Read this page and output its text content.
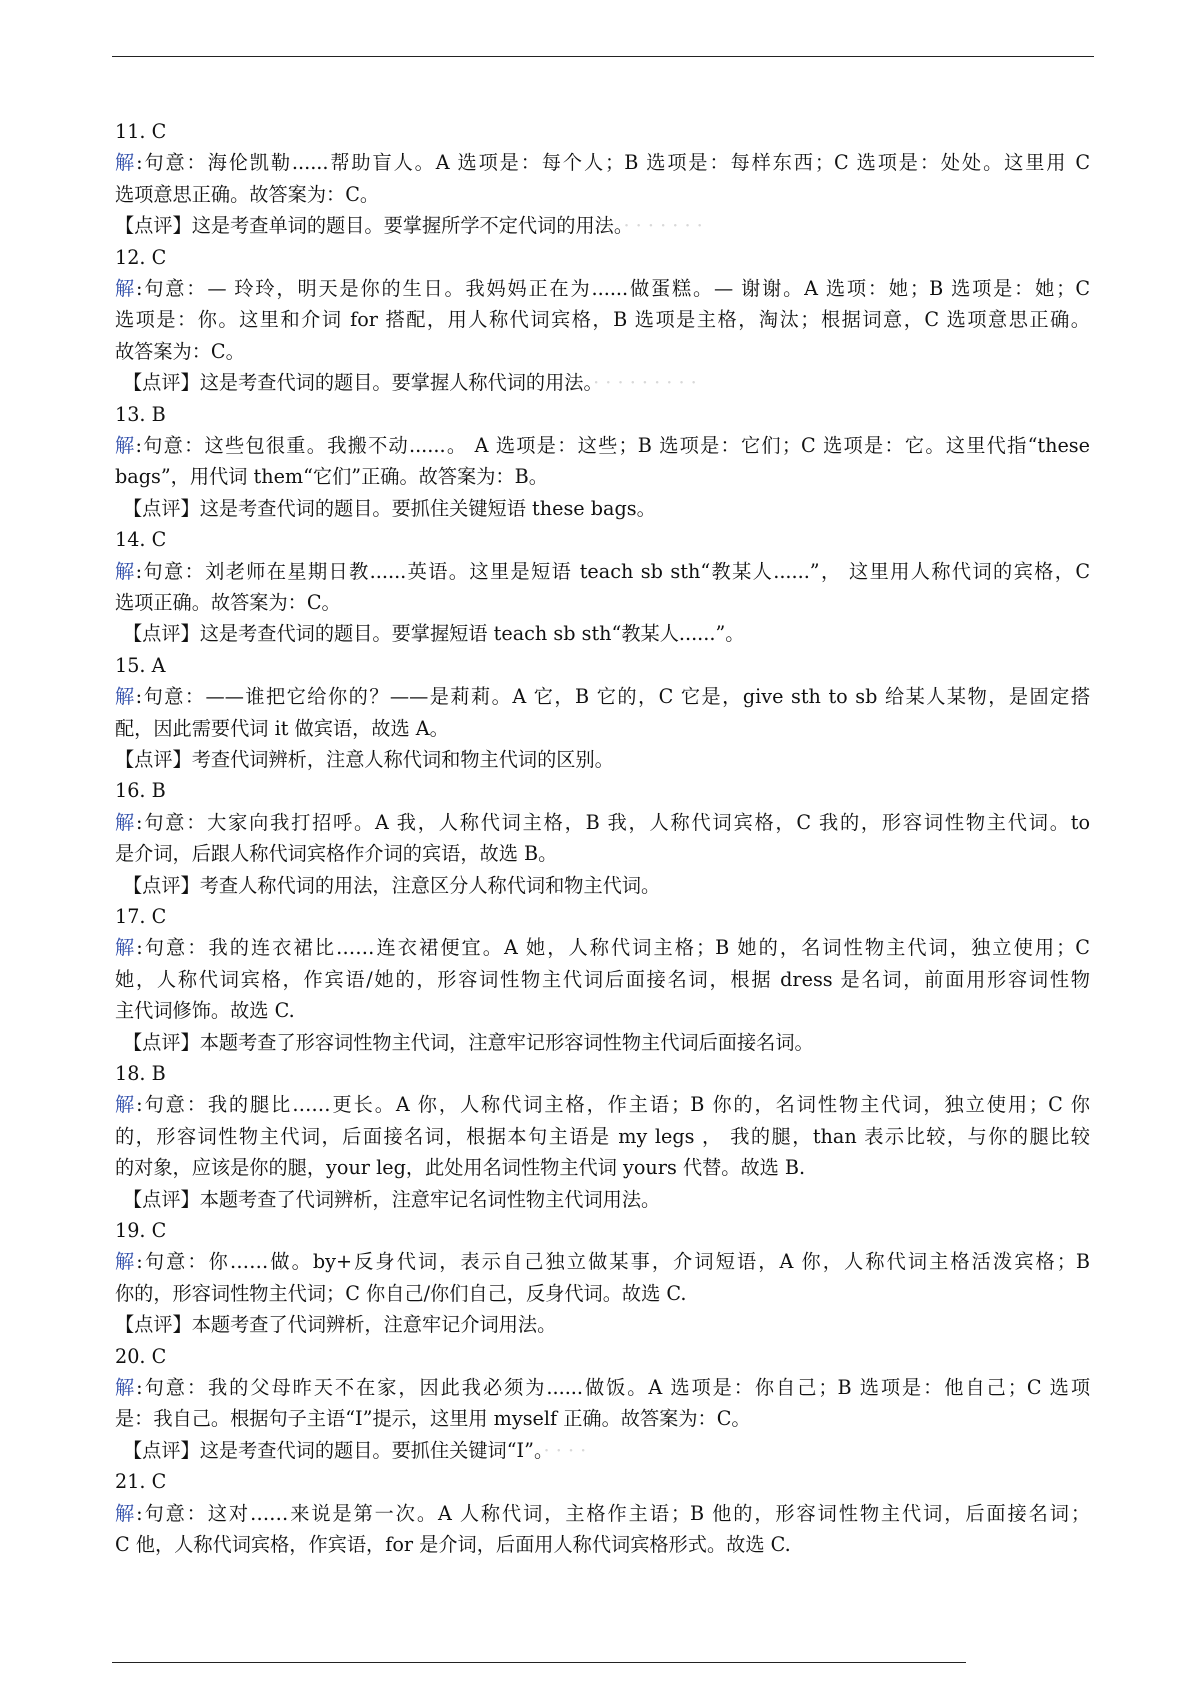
11. C
解:句意：海伦凯勒......帮助盲人。A 选项是：每个人；B 选项是：每样东西；C 选项是：处处。这里用 C
选项意思正确。故答案为：C。
【点评】这是考查单词的题目。要掌握所学不定代词的用法。· · · · · · ·
12. C
解:句意：— 玲玲，明天是你的生日。我妈妈正在为......做蛋糕。— 谢谢。A 选项：她；B 选项是：她；C
选项是：你。这里和介词 for 搭配，用人称代词宾格，B 选项是主格，淘汰；根据词意，C 选项意思正确。
故答案为：C。
【点评】这是考查代词的题目。要掌握人称代词的用法。· · · · · · · · ·
13. B
解:句意：这些包很重。我搬不动......。 A 选项是：这些；B 选项是：它们；C 选项是：它。这里代指“these
bags”，用代词 them“它们”正确。故答案为：B。
【点评】这是考查代词的题目。要抓住关键短语 these bags。
14. C
解:句意：刘老师在星期日教......英语。这里是短语 teach sb sth“教某人......”， 这里用人称代词的宾格，C
选项正确。故答案为：C。
【点评】这是考查代词的题目。要掌握短语 teach sb sth“教某人......”。
15. A
解:句意：——谁把它给你的？——是莉莉。A 它，B 它的，C 它是，give sth to sb 给某人某物，是固定搭
配，因此需要代词 it 做宾语，故选 A。
【点评】考查代词辨析，注意人称代词和物主代词的区别。
16. B
解:句意：大家向我打招呼。A 我，人称代词主格，B 我，人称代词宾格，C 我的，形容词性物主代词。to
是介词，后跟人称代词宾格作介词的宾语，故选 B。
【点评】考查人称代词的用法，注意区分人称代词和物主代词。
17. C
解:句意：我的连衣裙比……连衣裙便宜。A 她，人称代词主格；B 她的，名词性物主代词，独立使用；C
她，人称代词宾格，作宾语/她的，形容词性物主代词后面接名词，根据 dress 是名词，前面用形容词性物
主代词修饰。故选 C.
【点评】本题考查了形容词性物主代词，注意牢记形容词性物主代词后面接名词。
18. B
解:句意：我的腿比……更长。A 你，人称代词主格，作主语；B 你的，名词性物主代词，独立使用；C 你
的，形容词性物主代词，后面接名词，根据本句主语是 my legs ， 我的腿，than 表示比较，与你的腿比较
的对象，应该是你的腿，your leg，此处用名词性物主代词 yours 代替。故选 B.
【点评】本题考查了代词辨析，注意牢记名词性物主代词用法。
19. C
解:句意：你……做。by+反身代词，表示自己独立做某事，介词短语，A 你，人称代词主格活泼宾格；B
你的，形容词性物主代词；C 你自己/你们自己，反身代词。故选 C.
【点评】本题考查了代词辨析，注意牢记介词用法。
20. C
解:句意：我的父母昨天不在家，因此我必须为......做饭。A 选项是：你自己；B 选项是：他自己；C 选项
是：我自己。根据句子主语“I”提示，这里用 myself 正确。故答案为：C。
【点评】这是考查代词的题目。要抓住关键词“I”。· · · ·
21. C
解:句意：这对……来说是第一次。A 人称代词，主格作主语；B 他的，形容词性物主代词，后面接名词；
C 他，人称代词宾格，作宾语，for 是介词，后面用人称代词宾格形式。故选 C.
